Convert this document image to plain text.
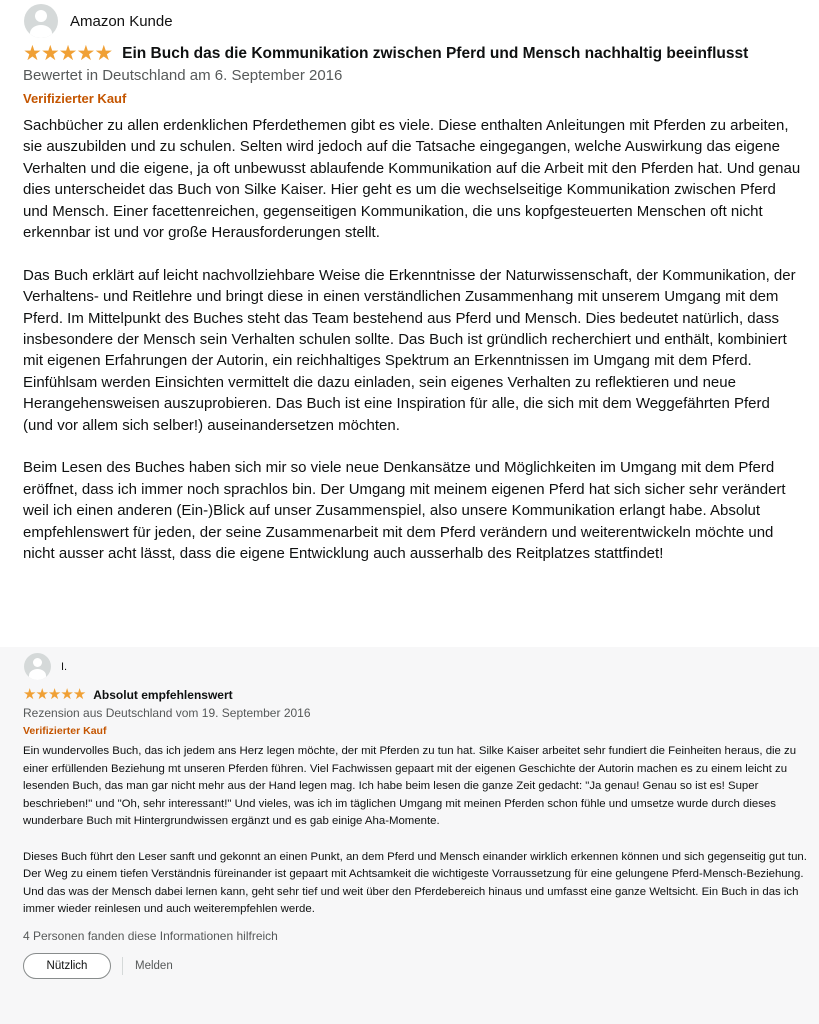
Amazon Kunde
★ ★ ★ ★ ★ Ein Buch das die Kommunikation zwischen Pferd und Mensch nachhaltig beeinflusst
Bewertet in Deutschland am 6. September 2016
Verifizierter Kauf

Sachbücher zu allen erdenklichen Pferdethemen gibt es viele. Diese enthalten Anleitungen mit Pferden zu arbeiten, sie auszubilden und zu schulen. Selten wird jedoch auf die Tatsache eingegangen, welche Auswirkung das eigene Verhalten und die eigene, ja oft unbewusst ablaufende Kommunikation auf die Arbeit mit den Pferden hat. Und genau dies unterscheidet das Buch von Silke Kaiser. Hier geht es um die wechselseitige Kommunikation zwischen Pferd und Mensch. Einer facettenreichen, gegenseitigen Kommunikation, die uns kopfgesteuerten Menschen oft nicht erkennbar ist und vor große Herausforderungen stellt.

Das Buch erklärt auf leicht nachvollziehbare Weise die Erkenntnisse der Naturwissenschaft, der Kommunikation, der Verhaltens- und Reitlehre und bringt diese in einen verständlichen Zusammenhang mit unserem Umgang mit dem Pferd. Im Mittelpunkt des Buches steht das Team bestehend aus Pferd und Mensch. Dies bedeutet natürlich, dass insbesondere der Mensch sein Verhalten schulen sollte. Das Buch ist gründlich recherchiert und enthält, kombiniert mit eigenen Erfahrungen der Autorin, ein reichhaltiges Spektrum an Erkenntnissen im Umgang mit dem Pferd. Einfühlsam werden Einsichten vermittelt die dazu einladen, sein eigenes Verhalten zu reflektieren und neue Herangehensweisen auszuprobieren. Das Buch ist eine Inspiration für alle, die sich mit dem Weggefährten Pferd (und vor allem sich selber!) auseinandersetzen möchten.

Beim Lesen des Buches haben sich mir so viele neue Denkansätze und Möglichkeiten im Umgang mit dem Pferd eröffnet, dass ich immer noch sprachlos bin. Der Umgang mit meinem eigenen Pferd hat sich sicher sehr verändert weil ich einen anderen (Ein-)Blick auf unser Zusammenspiel, also unsere Kommunikation erlangt habe. Absolut empfehlenswert für jeden, der seine Zusammenarbeit mit dem Pferd verändern und weiterentwickeln möchte und nicht ausser acht lässt, dass die eigene Entwicklung auch ausserhalb des Reitplatzes stattfindet!

I.
★ ★ ★ ★ ★ Absolut empfehlenswert
Rezension aus Deutschland vom 19. September 2016
Verifizierter Kauf

Ein wundervolles Buch, das ich jedem ans Herz legen möchte, der mit Pferden zu tun hat. Silke Kaiser arbeitet sehr fundiert die Feinheiten heraus, die zu einer erfüllenden Beziehung mt unseren Pferden führen. Viel Fachwissen gepaart mit der eigenen Geschichte der Autorin machen es zu einem leicht zu lesenden Buch, das man gar nicht mehr aus der Hand legen mag. Ich habe beim lesen die ganze Zeit gedacht: "Ja genau! Genau so ist es! Super beschrieben!" und "Oh, sehr interessant!" Und vieles, was ich im täglichen Umgang mit meinen Pferden schon fühle und umsetze wurde durch dieses wunderbare Buch mit Hintergrundwissen ergänzt und es gab einige Aha-Momente.

Dieses Buch führt den Leser sanft und gekonnt an einen Punkt, an dem Pferd und Mensch einander wirklich erkennen können und sich gegenseitig gut tun. Der Weg zu einem tiefen Verständnis füreinander ist gepaart mit Achtsamkeit die wichtigeste Vorraussetzung für eine gelungene Pferd-Mensch-Beziehung. Und das was der Mensch dabei lernen kann, geht sehr tief und weit über den Pferdebereich hinaus und umfasst eine ganze Weltsicht. Ein Buch in das ich immer wieder reinlesen und auch weiterempfehlen werde.

4 Personen fanden diese Informationen hilfreich
Nützlich	Melden
